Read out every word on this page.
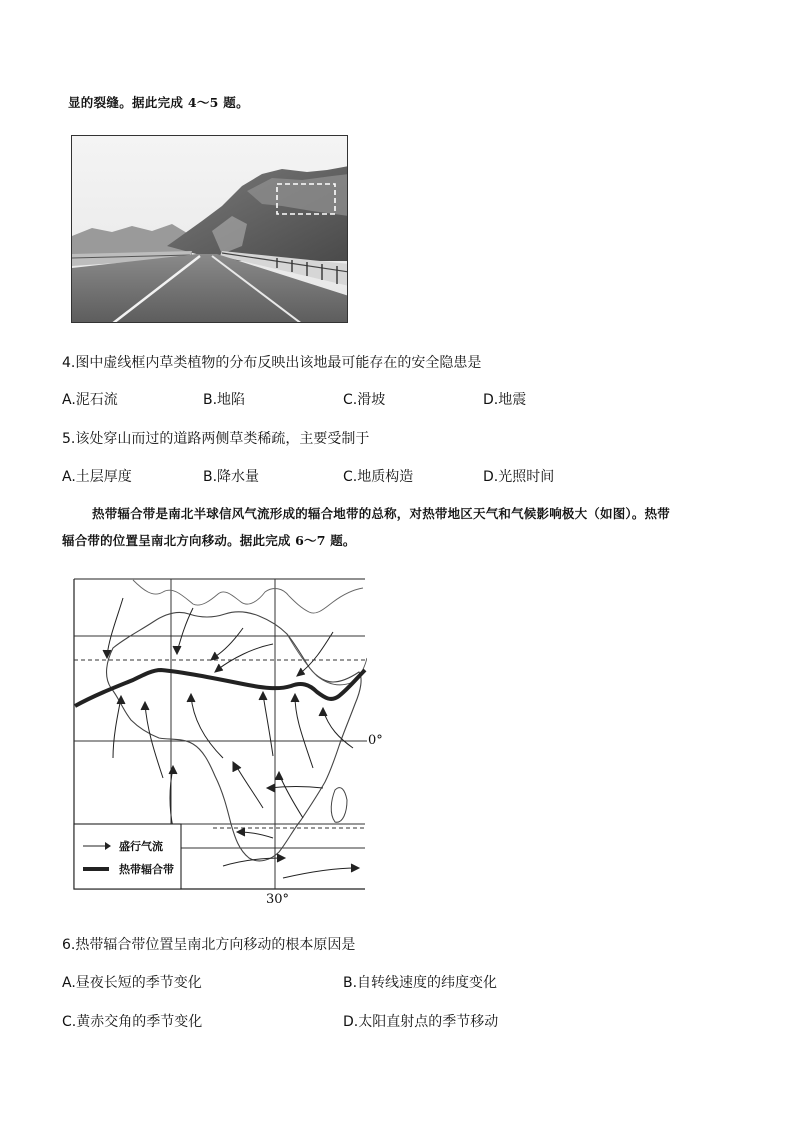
显的裂缝。据此完成 4～5 题。
4.图中虚线框内草类植物的分布反映出该地最可能存在的安全隐患是
A.泥石流	B.地陷	C.滑坡	D.地震
5.该处穿山而过的道路两侧草类稀疏，主要受制于
A.土层厚度	B.降水量	C.地质构造	D.光照时间
热带辐合带是南北半球信风气流形成的辐合地带的总称，对热带地区天气和气候影响极大（如图）。热带
辐合带的位置呈南北方向移动。据此完成 6～7 题。
盛行气流
热带辐合带
0°
30°
6.热带辐合带位置呈南北方向移动的根本原因是
A.昼夜长短的季节变化	B.自转线速度的纬度变化
C.黄赤交角的季节变化	D.太阳直射点的季节移动
